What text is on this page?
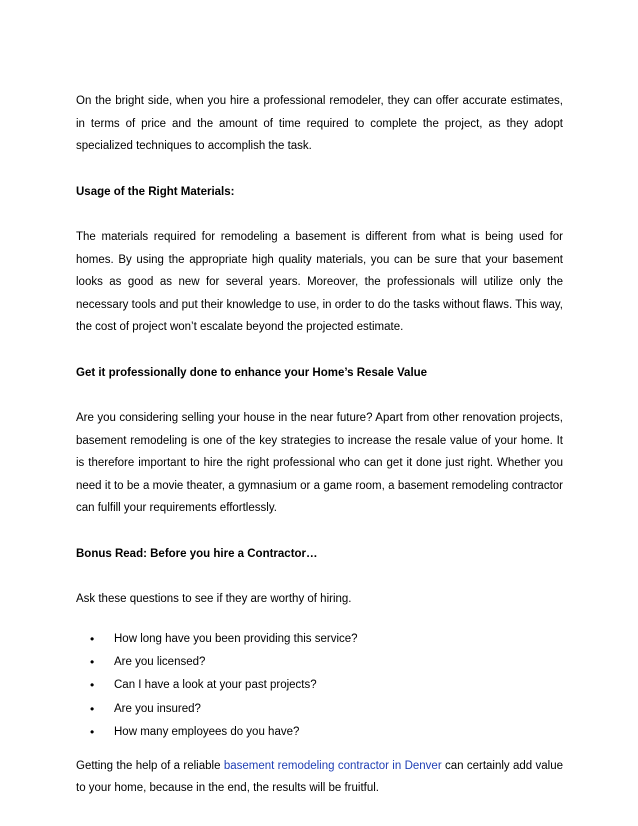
On the bright side, when you hire a professional remodeler, they can offer accurate estimates, in terms of price and the amount of time required to complete the project, as they adopt specialized techniques to accomplish the task.

Usage of the Right Materials:

The materials required for remodeling a basement is different from what is being used for homes. By using the appropriate high quality materials, you can be sure that your basement looks as good as new for several years. Moreover, the professionals will utilize only the necessary tools and put their knowledge to use, in order to do the tasks without flaws. This way, the cost of project won’t escalate beyond the projected estimate.

Get it professionally done to enhance your Home’s Resale Value

Are you considering selling your house in the near future? Apart from other renovation projects, basement remodeling is one of the key strategies to increase the resale value of your home. It is therefore important to hire the right professional who can get it done just right. Whether you need it to be a movie theater, a gymnasium or a game room, a basement remodeling contractor can fulfill your requirements effortlessly.

Bonus Read: Before you hire a Contractor…

Ask these questions to see if they are worthy of hiring.

• How long have you been providing this service?
• Are you licensed?
• Can I have a look at your past projects?
• Are you insured?
• How many employees do you have?

Getting the help of a reliable basement remodeling contractor in Denver can certainly add value to your home, because in the end, the results will be fruitful.
